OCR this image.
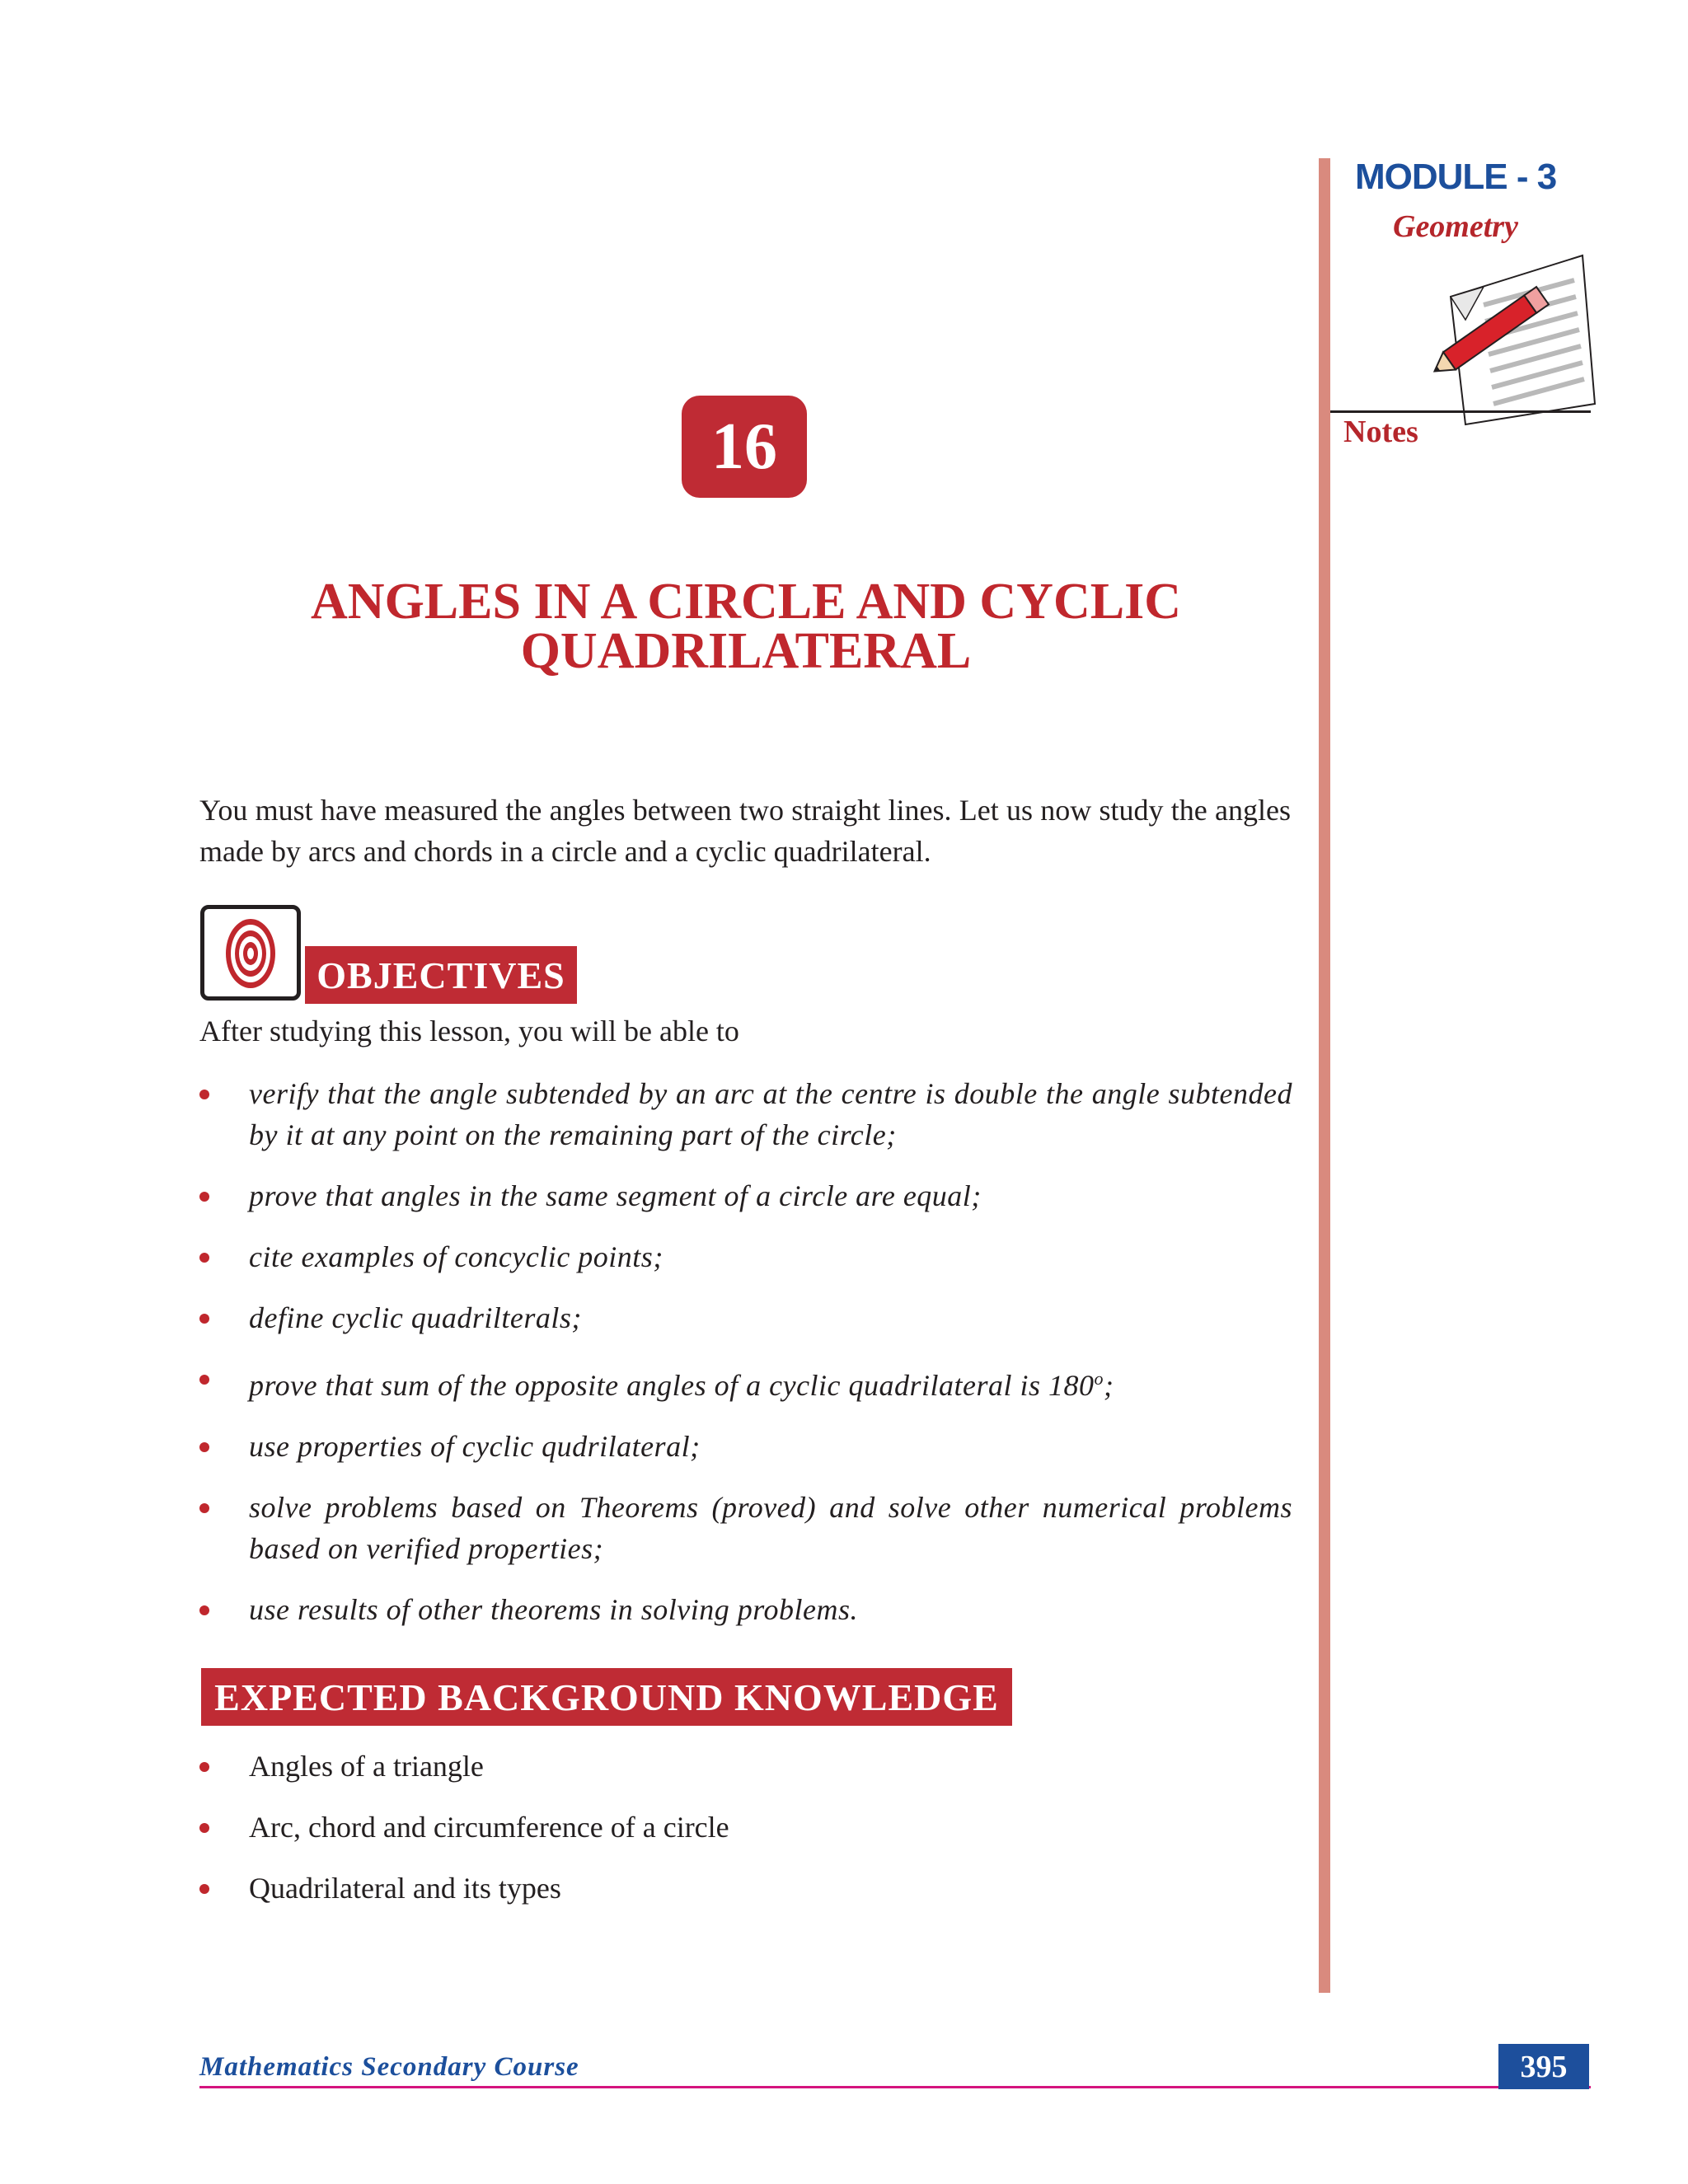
MODULE - 3
Geometry
Notes
16
ANGLES IN A CIRCLE AND CYCLIC
QUADRILATERAL
You must have measured the angles between two straight lines. Let us now study the angles made by arcs and chords in a circle and a cyclic quadrilateral.
OBJECTIVES
After studying this lesson, you will be able to
verify that the angle subtended by an arc at the centre is double the angle subtended by it at any point on the remaining part of the circle;
prove that angles in the same segment of a circle are equal;
cite examples of concyclic points;
define cyclic quadrilterals;
prove that sum of the opposite angles of a cyclic quadrilateral is 180$^o$;
use properties of cyclic qudrilateral;
solve problems based on Theorems (proved) and solve other numerical problems based on verified properties;
use results of other theorems in solving problems.
EXPECTED BACKGROUND KNOWLEDGE
Angles of a triangle
Arc, chord and circumference of a circle
Quadrilateral and its types
Mathematics Secondary Course	395
